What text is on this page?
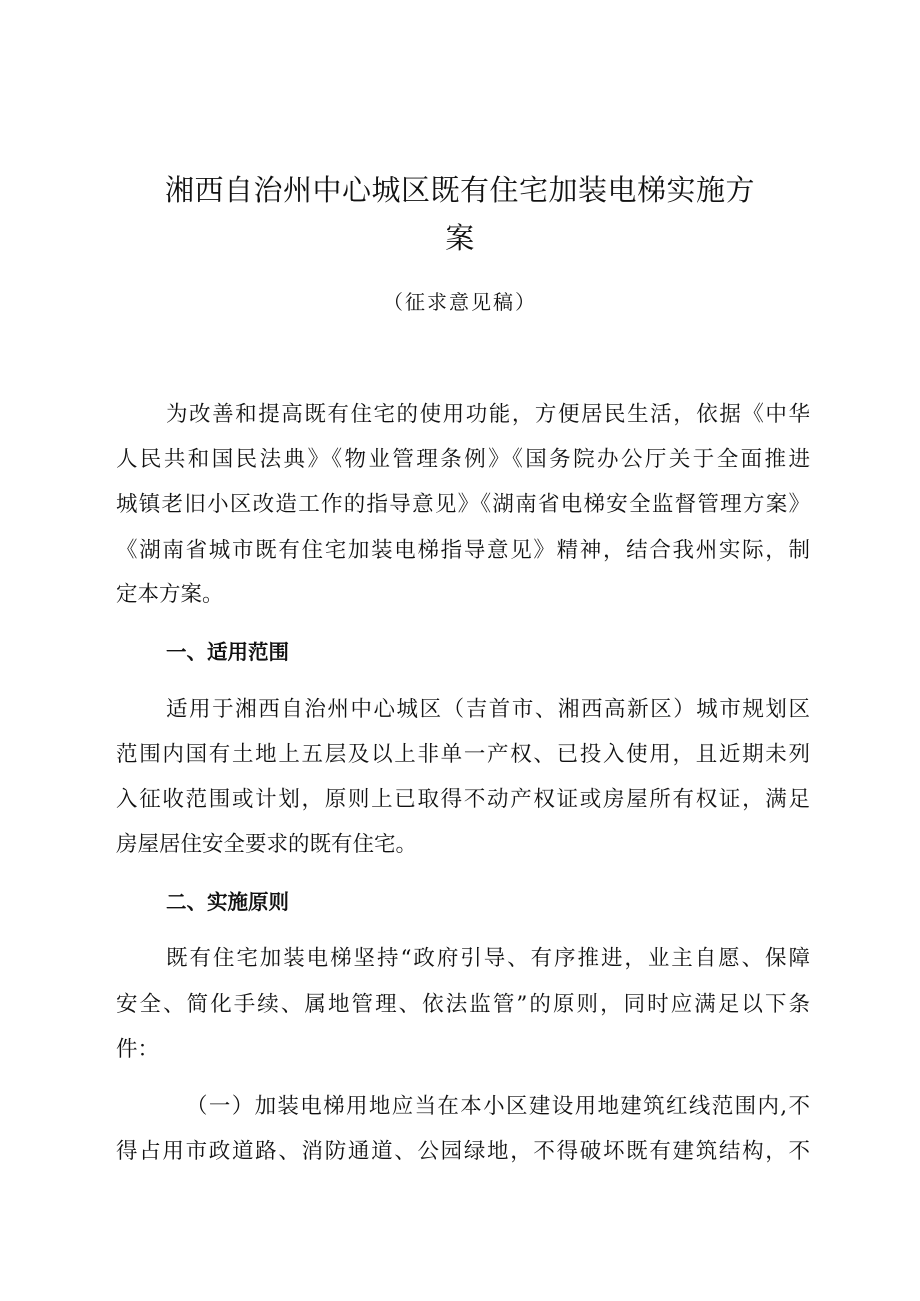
湘西自治州中心城区既有住宅加装电梯实施方
案
（征求意见稿）
为改善和提高既有住宅的使用功能，方便居民生活，依据《中华
人民共和国民法典》《物业管理条例》《国务院办公厅关于全面推进
城镇老旧小区改造工作的指导意见》《湖南省电梯安全监督管理方案》
《湖南省城市既有住宅加装电梯指导意见》精神，结合我州实际，制
定本方案。
一、适用范围
适用于湘西自治州中心城区（吉首市、湘西高新区）城市规划区
范围内国有土地上五层及以上非单一产权、已投入使用，且近期未列
入征收范围或计划，原则上已取得不动产权证或房屋所有权证，满足
房屋居住安全要求的既有住宅。
二、实施原则
既有住宅加装电梯坚持“政府引导、有序推进，业主自愿、保障
安全、简化手续、属地管理、依法监管”的原则，同时应满足以下条
件：
（一）加装电梯用地应当在本小区建设用地建筑红线范围内,不
得占用市政道路、消防通道、公园绿地，不得破坏既有建筑结构，不
